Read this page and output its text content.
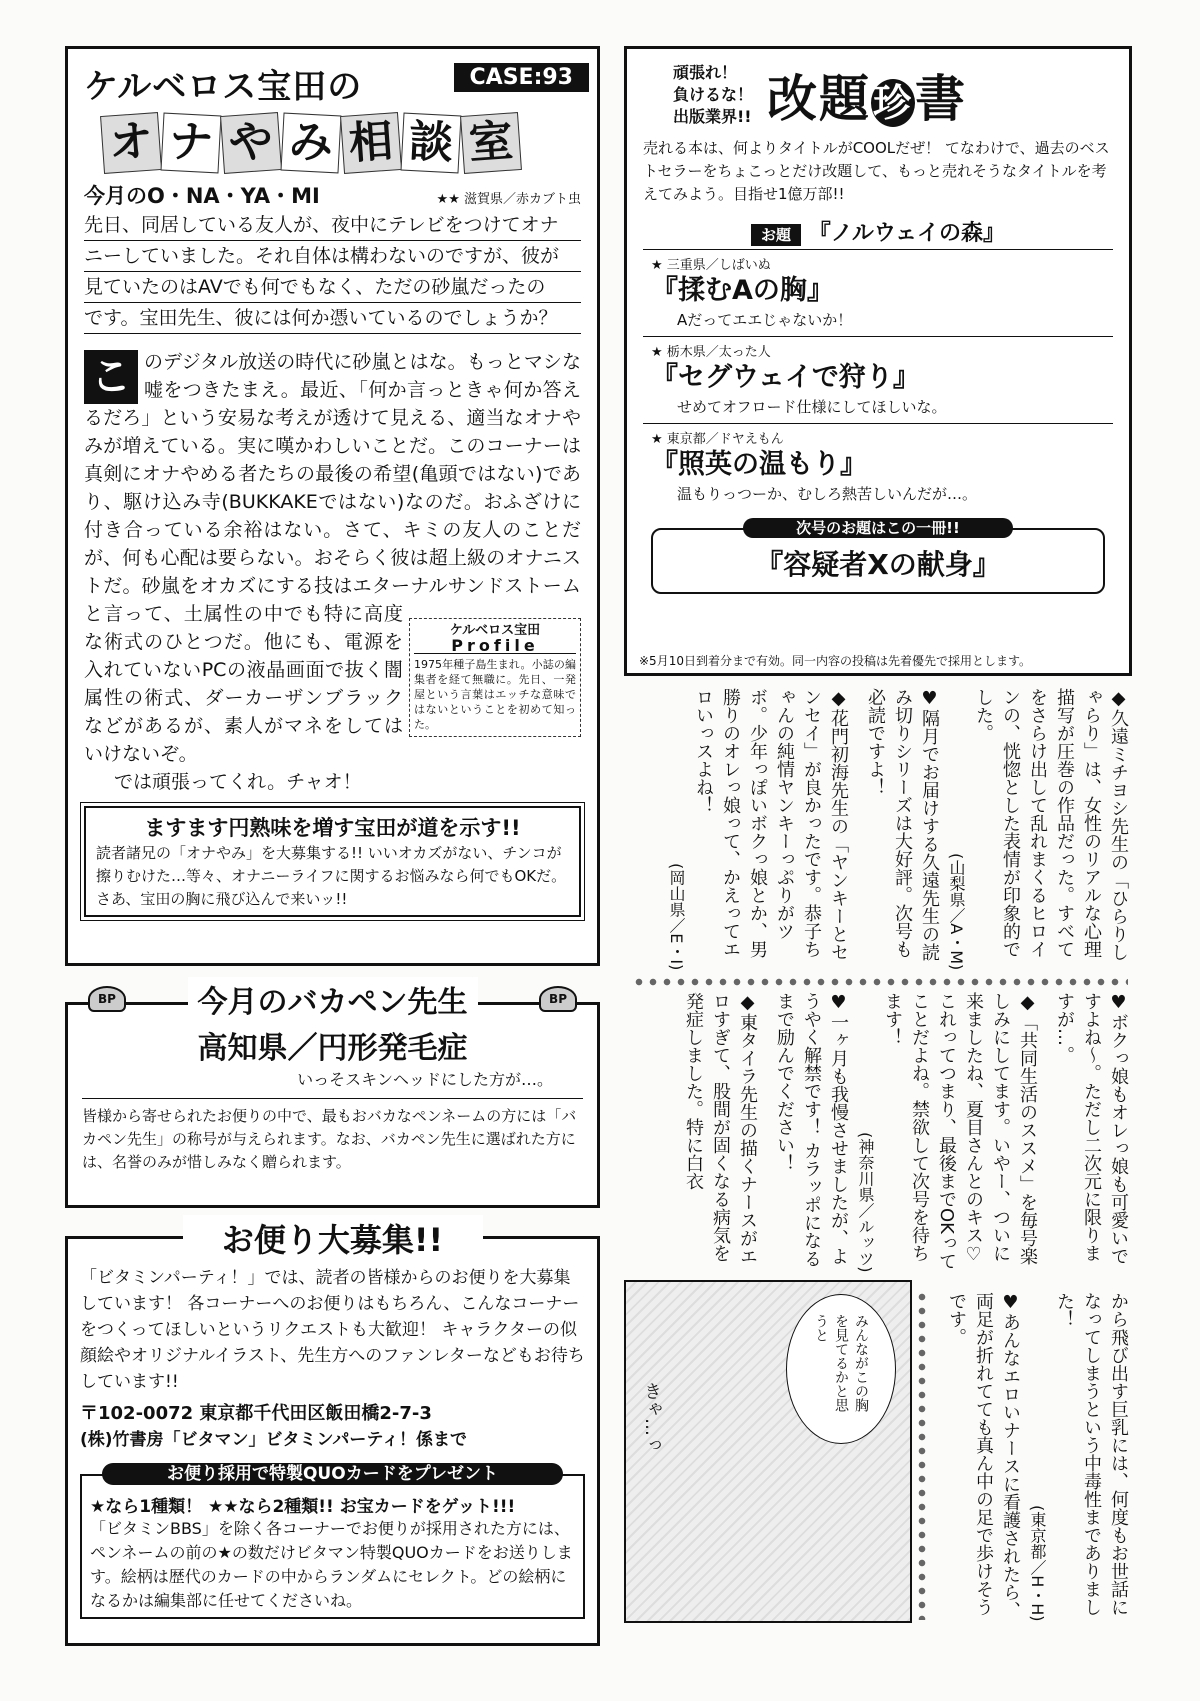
ケルベロス宝田の	CASE:93
オ ナ や み 相 談 室
今月のO・NA・YA・MI	★★ 滋賀県／赤カブト虫
先日、同居している友人が、夜中にテレビをつけてオナ
ニーしていました。それ自体は構わないのですが、彼が
見ていたのはAVでも何でもなく、ただの砂嵐だったの
です。宝田先生、彼には何か憑いているのでしょうか？
こ
ケルベロス宝田
Profile
1975年種子島生まれ。小誌の編集者を経て無職に。先日、一発屋という言葉はエッチな意味ではないということを初めて知った。
のデジタル放送の時代に砂嵐とはな。もっとマシな嘘をつきたまえ。最近、「何か言っときゃ何か答えるだろ」という安易な考えが透けて見える、適当なオナやみが増えている。実に嘆かわしいことだ。このコーナーは真剣にオナやめる者たちの最後の希望(亀頭ではない)であり、駆け込み寺(BUKKAKEではない)なのだ。おふざけに付き合っている余裕はない。さて、キミの友人のことだが、何も心配は要らない。おそらく彼は超上級のオナニストだ。砂嵐をオカズにする技はエターナルサンドストームと言って、土属性の中でも特に高度な術式のひとつだ。他にも、電源を入れていないPCの液晶画面で抜く闇属性の術式、ダーカーザンブラックなどがあるが、素人がマネをしてはいけないぞ。
では頑張ってくれ。チャオ！
ますます円熟味を増す宝田が道を示す!!
読者諸兄の「オナやみ」を大募集する!! いいオカズがない、チンコが擦りむけた…等々、オナニーライフに関するお悩みなら何でもOKだ。さあ、宝田の胸に飛び込んで来いッ!!
BP	今月のバカペン先生	BP
高知県／円形発毛症
いっそスキンヘッドにした方が…。
皆様から寄せられたお便りの中で、最もおバカなペンネームの方には「バカペン先生」の称号が与えられます。なお、バカペン先生に選ばれた方には、名誉のみが惜しみなく贈られます。
お便り大募集!!
「ビタミンパーティ！」では、読者の皆様からのお便りを大募集しています！ 各コーナーへのお便りはもちろん、こんなコーナーをつくってほしいというリクエストも大歓迎！ キャラクターの似顔絵やオリジナルイラスト、先生方へのファンレターなどもお待ちしています!!
〒102-0072 東京都千代田区飯田橋2-7-3
(株)竹書房「ビタマン」ビタミンパーティ！係まで
お便り採用で特製QUOカードをプレゼント
★なら1種類！ ★★なら2種類!! お宝カードをゲット!!!
「ビタミンBBS」を除く各コーナーでお便りが採用された方には、ペンネームの前の★の数だけビタマン特製QUOカードをお送りします。絵柄は歴代のカードの中からランダムにセレクト。どの絵柄になるかは編集部に任せてくださいね。
頑張れ！
負けるな！
出版業界!! 改題珍書
売れる本は、何よりタイトルがCOOLだぜ！ てなわけで、過去のベストセラーをちょこっとだけ改題して、もっと売れそうなタイトルを考えてみよう。目指せ1億万部!!
お題 『ノルウェイの森』
★ 三重県／しばいぬ
『揉むAの胸』
Aだってエエじゃないか！
★ 栃木県／太った人
『セグウェイで狩り』
せめてオフロード仕様にしてほしいな。
★ 東京都／ドヤえもん
『照英の温もり』
温もりっつーか、むしろ熱苦しいんだが…。
次号のお題はこの一冊!!
『容疑者Xの献身』
※5月10日到着分まで有効。同一内容の投稿は先着優先で採用とします。

◆久遠ミチヨシ先生の「ひらりしゃらり」は、女性のリアルな心理描写が圧巻の作品だった。すべてをさらけ出して乱れまくるヒロインの、恍惚とした表情が印象的でした。

(山梨県／A・M)

♥隔月でお届けする久遠先生の読み切りシリーズは大好評。次号も必読ですよ！

◆花門初海先生の「ヤンキーとセンセイ」が良かったです。恭子ちゃんの純情ヤンキーっぷりがツボ。少年っぽいボクっ娘とか、男勝りのオレっ娘って、かえってエロいっスよね！

(岡山県／E・I)

♥ボクっ娘もオレっ娘も可愛いですよね～。ただし二次元に限りますが…。

◆「共同生活のススメ」を毎号楽しみにしてます。いやー、ついに来ましたね、夏目さんとのキス♡ これってつまり、最後までOKってことだよね。禁欲して次号を待ちます！

(神奈川県／ルッツ)

♥一ヶ月も我慢させましたが、ようやく解禁です！ カラッポになるまで励んでください！

◆東タイラ先生の描くナースがエロすぎて、股間が固くなる病気を発症しました。特に白衣

から飛び出す巨乳には、何度もお世話になってしまうという中毒性までありました！

(東京都／H・H)

♥あんなエロいナースに看護されたら、両足が折れてても真ん中の足で歩けそうです。

みんながこの胸を見てるかと思うと
きゃ…っ
